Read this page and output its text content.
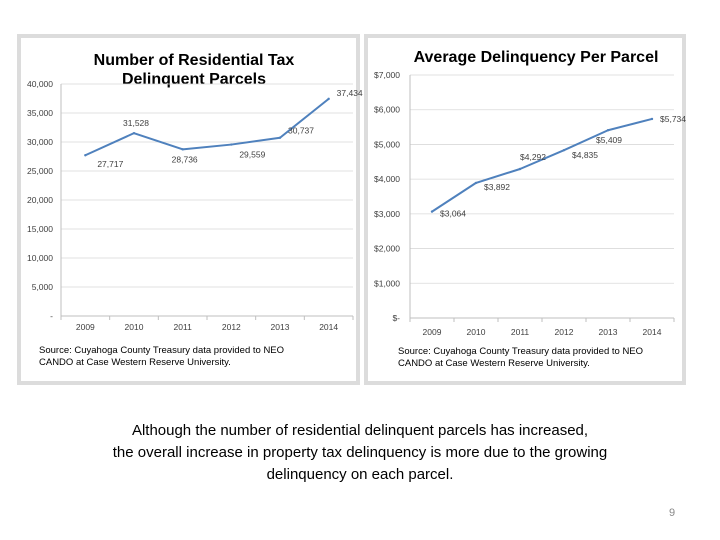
Number of Residential Tax
Delinquent Parcels
40,000
35,000
30,000
25,000
20,000
15,000
10,000
5,000
-
2009	2010	2011	2012	2013	2014
27,717
31,528
28,736	29,559
30,737
37,434
Source: Cuyahoga County Treasury data provided to NEO
CANDO at Case Western Reserve University.
Average Delinquency Per Parcel
$7,000
$6,000
$5,000
$4,000
$3,000
$2,000
$1,000
$-
2009	2010	2011	2012	2013	2014
$3,064
$3,892
$4,292	$4,835
$5,409
$5,734
Source: Cuyahoga County Treasury data provided to NEO
CANDO at Case Western Reserve University.
Although the number of residential delinquent parcels has increased,
the overall increase in property tax delinquency is more due to the growing
delinquency on each parcel.
9
